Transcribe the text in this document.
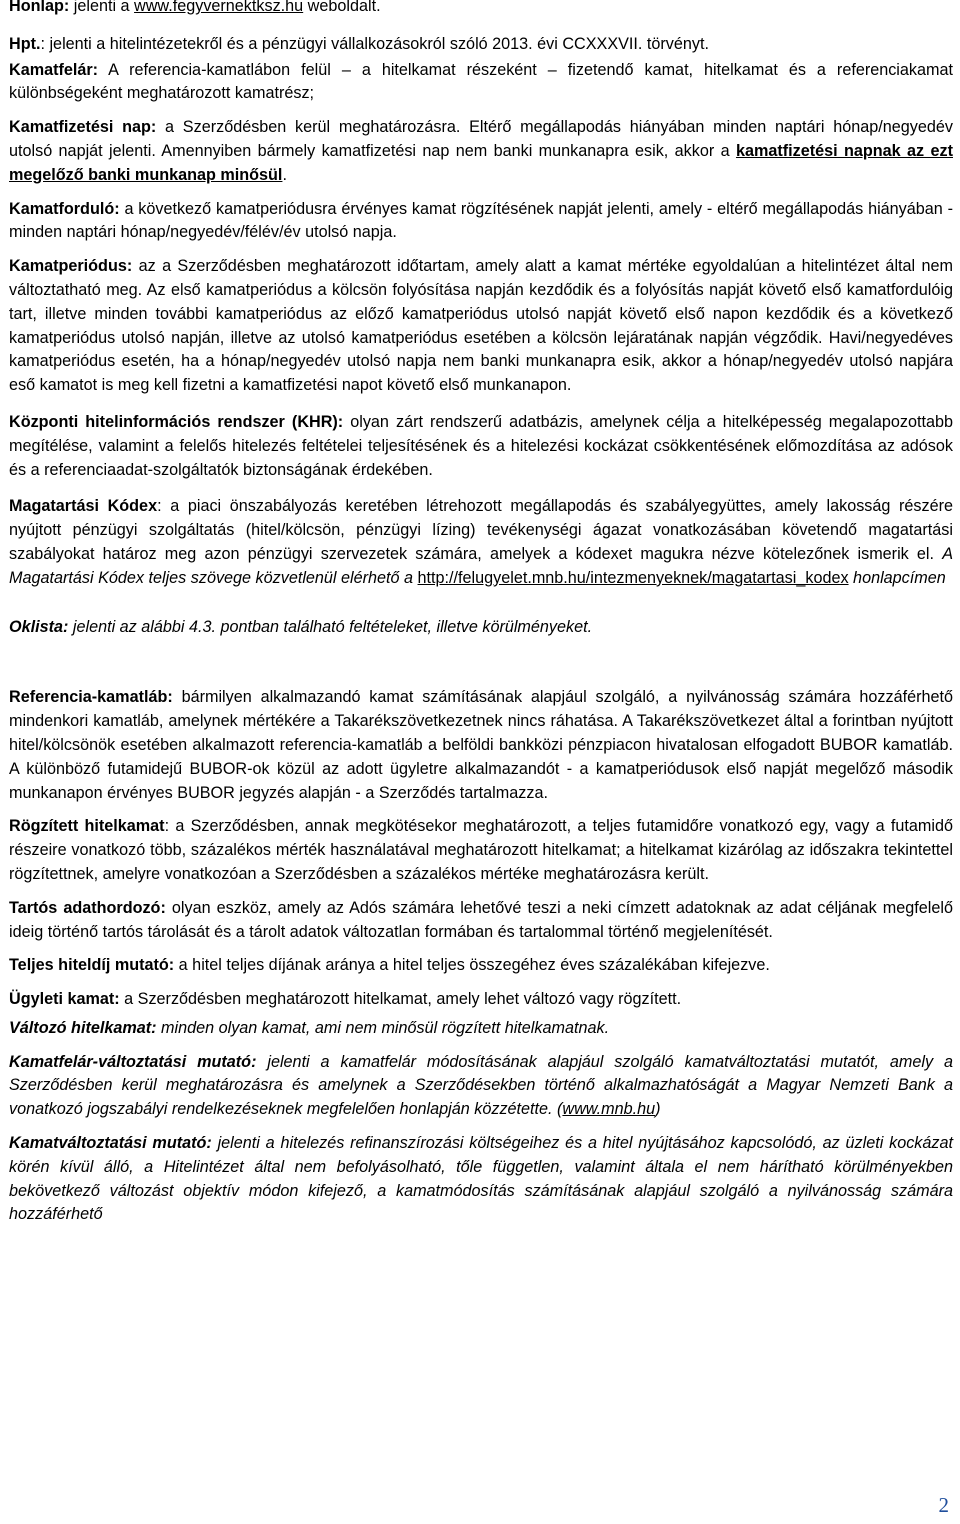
Honlap: jelenti a www.fegyvernektksz.hu weboldalt.

Hpt.: jelenti a hitelintézetekről és a pénzügyi vállalkozásokról szóló 2013. évi CCXXXVII. törvényt.

Kamatfelár: A referencia-kamatlábon felül – a hitelkamat részeként – fizetendő kamat, hitelkamat és a referenciakamat különbségeként meghatározott kamatrész;

Kamatfizetési nap: a Szerződésben kerül meghatározásra. Eltérő megállapodás hiányában minden naptári hónap/negyedév utolsó napját jelenti. Amennyiben bármely kamatfizetési nap nem banki munkanapra esik, akkor a kamatfizetési napnak az ezt megelőző banki munkanap minősül.

Kamatforduló: a következő kamatperiódusra érvényes kamat rögzítésének napját jelenti, amely - eltérő megállapodás hiányában - minden naptári hónap/negyedév/félév/év utolsó napja.

Kamatperiódus: az a Szerződésben meghatározott időtartam, amely alatt a kamat mértéke egyoldalúan a hitelintézet által nem változtatható meg. Az első kamatperiódus a kölcsön folyósítása napján kezdődik és a folyósítás napját követő első kamatfordulóig tart, illetve minden további kamatperiódus az előző kamatperiódus utolsó napját követő első napon kezdődik és a következő kamatperiódus utolsó napján, illetve az utolsó kamatperiódus esetében a kölcsön lejáratának napján végződik. Havi/negyedéves kamatperiódus esetén, ha a hónap/negyedév utolsó napja nem banki munkanapra esik, akkor a hónap/negyedév utolsó napjára eső kamatot is meg kell fizetni a kamatfizetési napot követő első munkanapon.

Központi hitelinformációs rendszer (KHR): olyan zárt rendszerű adatbázis, amelynek célja a hitelképesség megalapozottabb megítélése, valamint a felelős hitelezés feltételei teljesítésének és a hitelezési kockázat csökkentésének előmozdítása az adósok és a referenciaadat-szolgáltatók biztonságának érdekében.

Magatartási Kódex: a piaci önszabályozás keretében létrehozott megállapodás és szabályegyüttes, amely lakosság részére nyújtott pénzügyi szolgáltatás (hitel/kölcsön, pénzügyi lízing) tevékenységi ágazat vonatkozásában követendő magatartási szabályokat határoz meg azon pénzügyi szervezetek számára, amelyek a kódexet magukra nézve kötelezőnek ismerik el. A Magatartási Kódex teljes szövege közvetlenül elérhető a http://felugyelet.mnb.hu/intezmenyeknek/magatartasi_kodex honlapcímen

Oklista: jelenti az alábbi 4.3. pontban található feltételeket, illetve körülményeket.

Referencia-kamatláb: bármilyen alkalmazandó kamat számításának alapjául szolgáló, a nyilvánosság számára hozzáférhető mindenkori kamatláb, amelynek mértékére a Takarékszövetkezetnek nincs ráhatása. A Takarékszövetkezet által a forintban nyújtott hitel/kölcsönök esetében alkalmazott referencia-kamatláb a belföldi bankközi pénzpiacon hivatalosan elfogadott BUBOR kamatláb. A különböző futamidejű BUBOR-ok közül az adott ügyletre alkalmazandót - a kamatperiódusok első napját megelőző második munkanapon érvényes BUBOR jegyzés alapján - a Szerződés tartalmazza.

Rögzített hitelkamat: a Szerződésben, annak megkötésekor meghatározott, a teljes futamidőre vonatkozó egy, vagy a futamidő részeire vonatkozó több, százalékos mérték használatával meghatározott hitelkamat; a hitelkamat kizárólag az időszakra tekintettel rögzítettnek, amelyre vonatkozóan a Szerződésben a százalékos mértéke meghatározásra került.

Tartós adathordozó: olyan eszköz, amely az Adós számára lehetővé teszi a neki címzett adatoknak az adat céljának megfelelő ideig történő tartós tárolását és a tárolt adatok változatlan formában és tartalommal történő megjelenítését.

Teljes hiteldíj mutató: a hitel teljes díjának aránya a hitel teljes összegéhez éves százalékában kifejezve.

Ügyleti kamat: a Szerződésben meghatározott hitelkamat, amely lehet változó vagy rögzített.

Változó hitelkamat: minden olyan kamat, ami nem minősül rögzített hitelkamatnak.

Kamatfelár-változtatási mutató: jelenti a kamatfelár módosításának alapjául szolgáló kamatváltoztatási mutatót, amely a Szerződésben kerül meghatározásra és amelynek a Szerződésekben történő alkalmazhatóságát a Magyar Nemzeti Bank a vonatkozó jogszabályi rendelkezéseknek megfelelően honlapján közzétette. (www.mnb.hu)

Kamatváltoztatási mutató: jelenti a hitelezés refinanszírozási költségeihez és a hitel nyújtásához kapcsolódó, az üzleti kockázat körén kívül álló, a Hitelintézet által nem befolyásolható, tőle független, valamint általa el nem hárítható körülményekben bekövetkező változást objektív módon kifejező, a kamatmódosítás számításának alapjául szolgáló a nyilvánosság számára hozzáférhető

2
